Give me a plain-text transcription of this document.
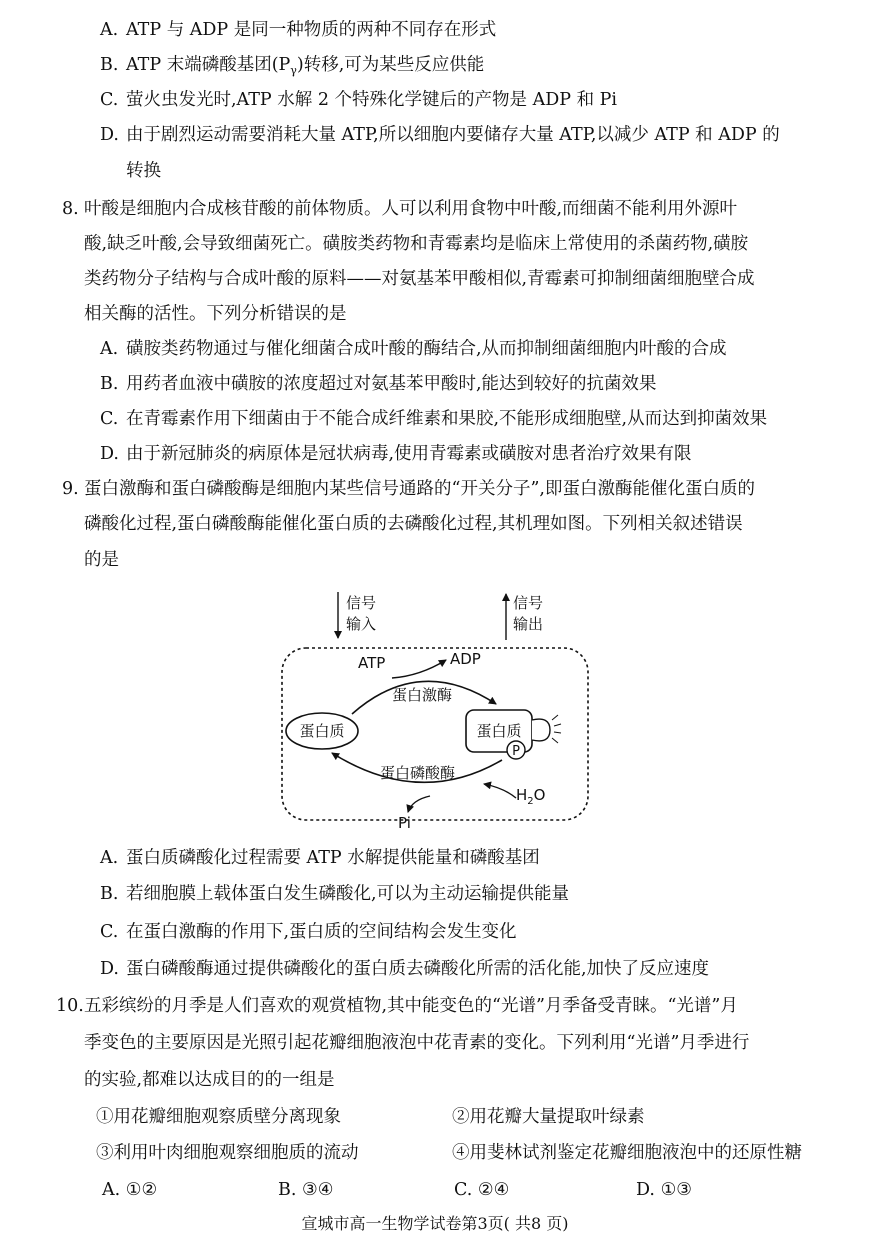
A. ATP 与 ADP 是同一种物质的两种不同存在形式
B. ATP 末端磷酸基团$(P_\gamma)$转移,可为某些反应供能
C. 萤火虫发光时,ATP 水解 2 个特殊化学键后的产物是 ADP 和 Pi
D. 由于剧烈运动需要消耗大量 ATP,所以细胞内要储存大量 ATP,以减少 ATP 和 ADP 的
转换
8. 叶酸是细胞内合成核苷酸的前体物质。人可以利用食物中叶酸,而细菌不能利用外源叶
酸,缺乏叶酸,会导致细菌死亡。磺胺类药物和青霉素均是临床上常使用的杀菌药物,磺胺
类药物分子结构与合成叶酸的原料——对氨基苯甲酸相似,青霉素可抑制细菌细胞壁合成
相关酶的活性。下列分析错误的是
A. 磺胺类药物通过与催化细菌合成叶酸的酶结合,从而抑制细菌细胞内叶酸的合成
B. 用药者血液中磺胺的浓度超过对氨基苯甲酸时,能达到较好的抗菌效果
C. 在青霉素作用下细菌由于不能合成纤维素和果胶,不能形成细胞壁,从而达到抑菌效果
D. 由于新冠肺炎的病原体是冠状病毒,使用青霉素或磺胺对患者治疗效果有限
9. 蛋白激酶和蛋白磷酸酶是细胞内某些信号通路的“开关分子”,即蛋白激酶能催化蛋白质的
磷酸化过程,蛋白磷酸酶能催化蛋白质的去磷酸化过程,其机理如图。下列相关叙述错误
的是
信号
输入
信号
输出
ATP	ADP
蛋白激酶
蛋白质	蛋白质
P
蛋白磷酸酶
$H_2O$
Pi
A. 蛋白质磷酸化过程需要 ATP 水解提供能量和磷酸基团
B. 若细胞膜上载体蛋白发生磷酸化,可以为主动运输提供能量
C. 在蛋白激酶的作用下,蛋白质的空间结构会发生变化
D. 蛋白磷酸酶通过提供磷酸化的蛋白质去磷酸化所需的活化能,加快了反应速度
10. 五彩缤纷的月季是人们喜欢的观赏植物,其中能变色的“光谱”月季备受青睐。“光谱”月
季变色的主要原因是光照引起花瓣细胞液泡中花青素的变化。下列利用“光谱”月季进行
的实验,都难以达成目的的一组是
①用花瓣细胞观察质壁分离现象	②用花瓣大量提取叶绿素
③利用叶肉细胞观察细胞质的流动	④用斐林试剂鉴定花瓣细胞液泡中的还原性糖
A. ①②	B. ③④	C. ②④	D. ①③
宣城市高一生物学试卷第3页( 共8 页)
